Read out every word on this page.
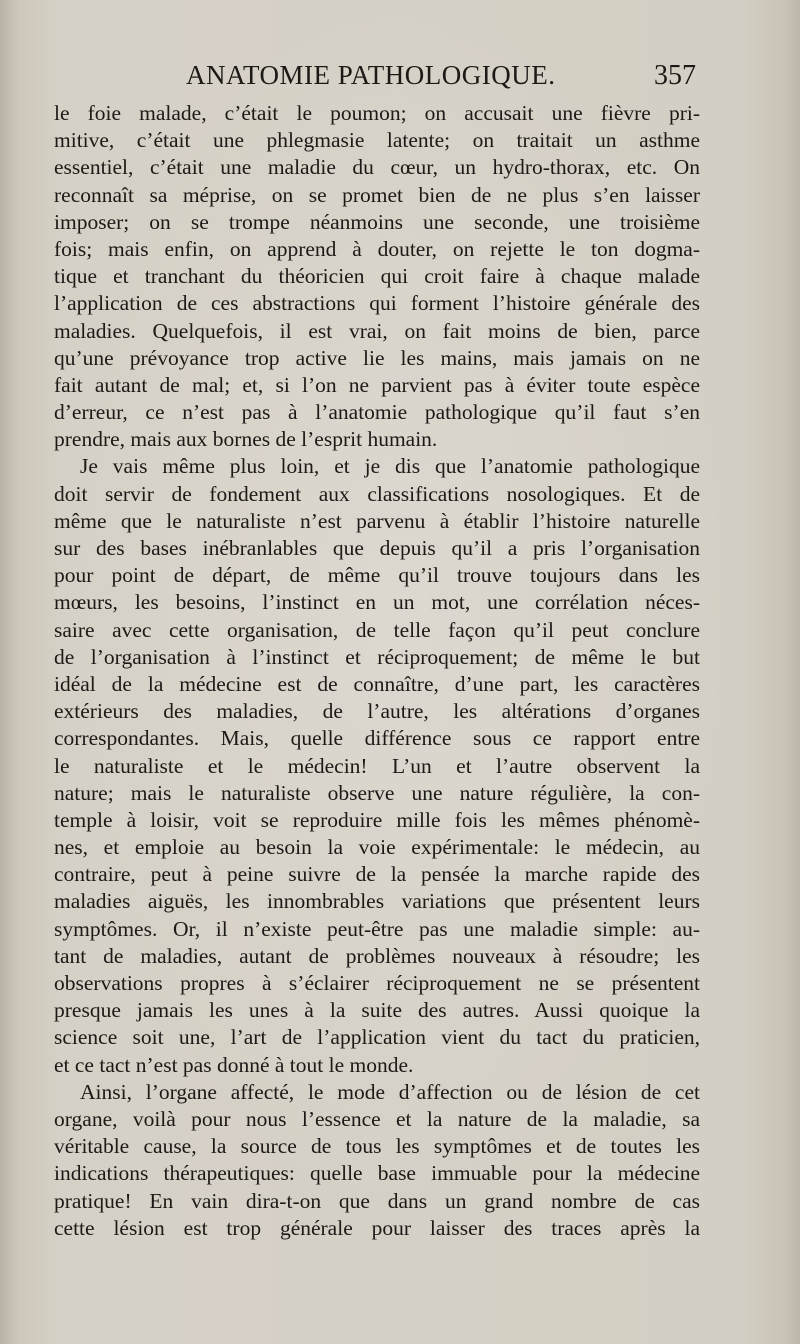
ANATOMIE PATHOLOGIQUE.	357
le foie malade, c’était le poumon; on accusait une fièvre pri-
mitive, c’était une phlegmasie latente; on traitait un asthme
essentiel, c’était une maladie du cœur, un hydro-thorax, etc. On
reconnaît sa méprise, on se promet bien de ne plus s’en laisser
imposer; on se trompe néanmoins une seconde, une troisième
fois; mais enfin, on apprend à douter, on rejette le ton dogma-
tique et tranchant du théoricien qui croit faire à chaque malade
l’application de ces abstractions qui forment l’histoire générale des
maladies. Quelquefois, il est vrai, on fait moins de bien, parce
qu’une prévoyance trop active lie les mains, mais jamais on ne
fait autant de mal; et, si l’on ne parvient pas à éviter toute espèce
d’erreur, ce n’est pas à l’anatomie pathologique qu’il faut s’en
prendre, mais aux bornes de l’esprit humain.
Je vais même plus loin, et je dis que l’anatomie pathologique
doit servir de fondement aux classifications nosologiques. Et de
même que le naturaliste n’est parvenu à établir l’histoire naturelle
sur des bases inébranlables que depuis qu’il a pris l’organisation
pour point de départ, de même qu’il trouve toujours dans les
mœurs, les besoins, l’instinct en un mot, une corrélation néces-
saire avec cette organisation, de telle façon qu’il peut conclure
de l’organisation à l’instinct et réciproquement; de même le but
idéal de la médecine est de connaître, d’une part, les caractères
extérieurs des maladies, de l’autre, les altérations d’organes
correspondantes. Mais, quelle différence sous ce rapport entre
le naturaliste et le médecin! L’un et l’autre observent la
nature; mais le naturaliste observe une nature régulière, la con-
temple à loisir, voit se reproduire mille fois les mêmes phénomè-
nes, et emploie au besoin la voie expérimentale: le médecin, au
contraire, peut à peine suivre de la pensée la marche rapide des
maladies aiguës, les innombrables variations que présentent leurs
symptômes. Or, il n’existe peut-être pas une maladie simple: au-
tant de maladies, autant de problèmes nouveaux à résoudre; les
observations propres à s’éclairer réciproquement ne se présentent
presque jamais les unes à la suite des autres. Aussi quoique la
science soit une, l’art de l’application vient du tact du praticien,
et ce tact n’est pas donné à tout le monde.
Ainsi, l’organe affecté, le mode d’affection ou de lésion de cet
organe, voilà pour nous l’essence et la nature de la maladie, sa
véritable cause, la source de tous les symptômes et de toutes les
indications thérapeutiques: quelle base immuable pour la médecine
pratique! En vain dira-t-on que dans un grand nombre de cas
cette lésion est trop générale pour laisser des traces après la
